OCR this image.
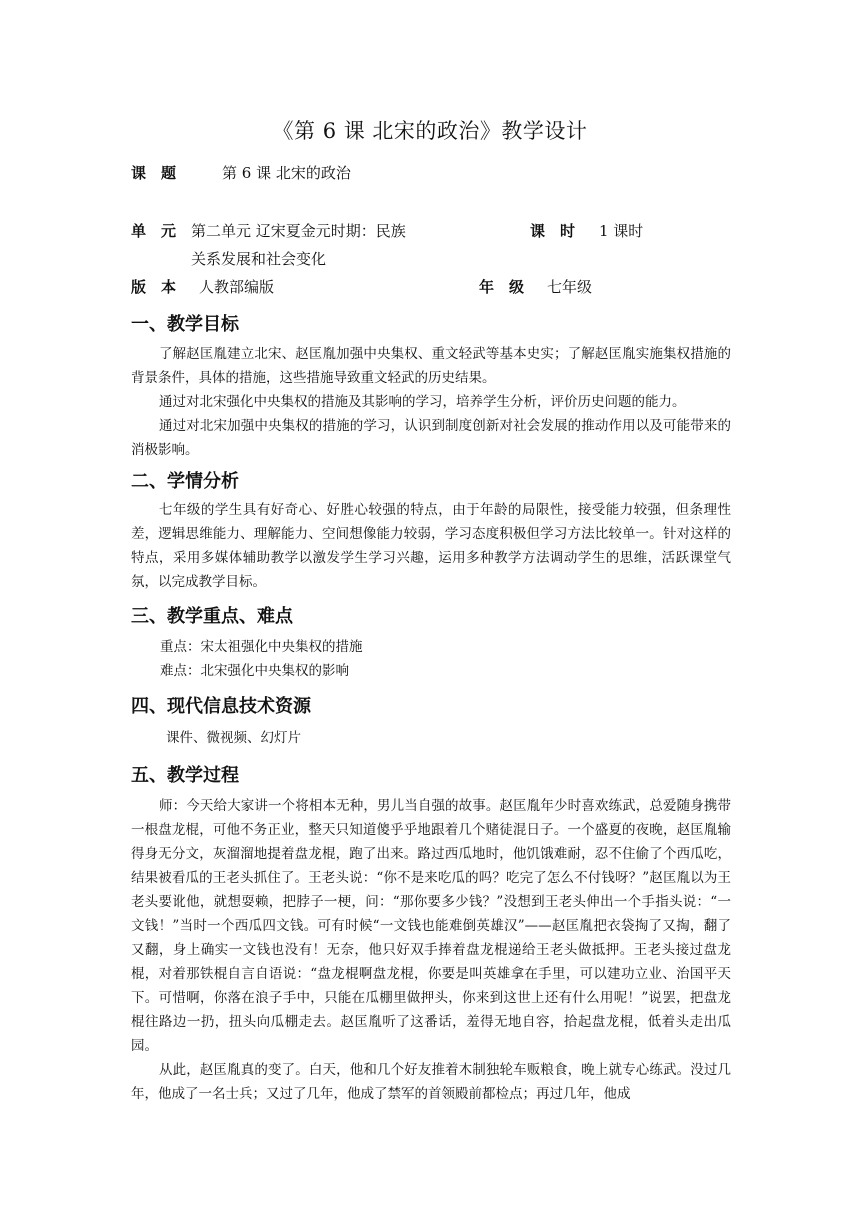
《第 6 课 北宋的政治》教学设计
课　题	第 6 课 北宋的政治
单　元 第二单元 辽宋夏金元时期：民族
关系发展和社会变化
课　时 1 课时
版　本 人教部编版	年　级 七年级
一、教学目标

了解赵匡胤建立北宋、赵匡胤加强中央集权、重文轻武等基本史实；了解赵匡胤实施集权措施的背景条件，具体的措施，这些措施导致重文轻武的历史结果。

通过对北宋强化中央集权的措施及其影响的学习，培养学生分析，评价历史问题的能力。

通过对北宋加强中央集权的措施的学习，认识到制度创新对社会发展的推动作用以及可能带来的消极影响。

二、学情分析

七年级的学生具有好奇心、好胜心较强的特点，由于年龄的局限性，接受能力较强，但条理性差，逻辑思维能力、理解能力、空间想像能力较弱，学习态度积极但学习方法比较单一。针对这样的特点，采用多媒体辅助教学以激发学生学习兴趣，运用多种教学方法调动学生的思维，活跃课堂气氛，以完成教学目标。

三、教学重点、难点
重点：宋太祖强化中央集权的措施
难点：北宋强化中央集权的影响
四、现代信息技术资源
课件、微视频、幻灯片
五、教学过程

师：今天给大家讲一个将相本无种，男儿当自强的故事。赵匡胤年少时喜欢练武，总爱随身携带一根盘龙棍，可他不务正业，整天只知道傻乎乎地跟着几个赌徒混日子。一个盛夏的夜晚，赵匡胤输得身无分文，灰溜溜地提着盘龙棍，跑了出来。路过西瓜地时，他饥饿难耐，忍不住偷了个西瓜吃，结果被看瓜的王老头抓住了。王老头说：“你不是来吃瓜的吗？吃完了怎么不付钱呀？”赵匡胤以为王老头要讹他，就想耍赖，把脖子一梗，问：“那你要多少钱？”没想到王老头伸出一个手指头说：“一文钱！”当时一个西瓜四文钱。可有时候“一文钱也能难倒英雄汉”——赵匡胤把衣袋掏了又掏，翻了又翻，身上确实一文钱也没有！无奈，他只好双手捧着盘龙棍递给王老头做抵押。王老头接过盘龙棍，对着那铁棍自言自语说：“盘龙棍啊盘龙棍，你要是叫英雄拿在手里，可以建功立业、治国平天下。可惜啊，你落在浪子手中，只能在瓜棚里做押头，你来到这世上还有什么用呢！”说罢，把盘龙棍往路边一扔，扭头向瓜棚走去。赵匡胤听了这番话，羞得无地自容，拾起盘龙棍，低着头走出瓜园。

从此，赵匡胤真的变了。白天，他和几个好友推着木制独轮车贩粮食，晚上就专心练武。没过几年，他成了一名士兵；又过了几年，他成了禁军的首领殿前都检点；再过几年，他成
